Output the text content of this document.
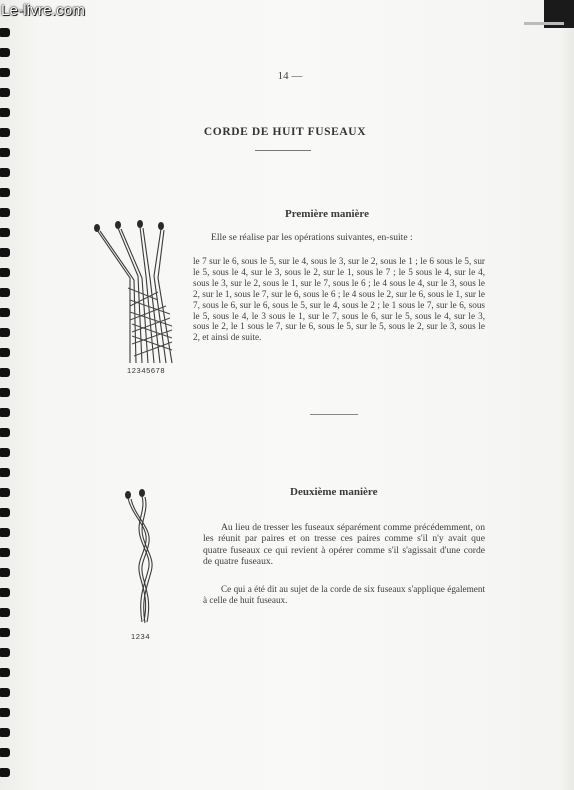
Le-livre.com
14 —
CORDE DE HUIT FUSEAUX
12345678
Première manière

Elle se réalise par les opérations suivantes, en-suite :

le 7 sur le 6, sous le 5, sur le 4, sous le 3, sur le 2, sous le 1 ; le 6 sous le 5, sur le 5, sous le 4, sur le 3, sous le 2, sur le 1, sous le 7 ; le 5 sous le 4, sur le 4, sous le 3, sur le 2, sous le 1, sur le 7, sous le 6 ; le 4 sous le 4, sur le 3, sous le 2, sur le 1, sous le 7, sur le 6, sous le 6 ; le 4 sous le 2, sur le 6, sous le 1, sur le 7, sous le 6, sur le 6, sous le 5, sur le 4, sous le 2 ; le 1 sous le 7, sur le 6, sous le 5, sous le 4, le 3 sous le 1, sur le 7, sous le 6, sur le 5, sous le 4, sur le 3, sous le 2, le 1 sous le 7, sur le 6, sous le 5, sur le 5, sous le 2, sur le 3, sous le 2, et ainsi de suite.

1234
Deuxième manière

Au lieu de tresser les fuseaux séparément comme précédemment, on les réunit par paires et on tresse ces paires comme s'il n'y avait que quatre fuseaux ce qui revient à opérer comme s'il s'agissait d'une corde de quatre fuseaux.

Ce qui a été dit au sujet de la corde de six fuseaux s'applique également à celle de huit fuseaux.
